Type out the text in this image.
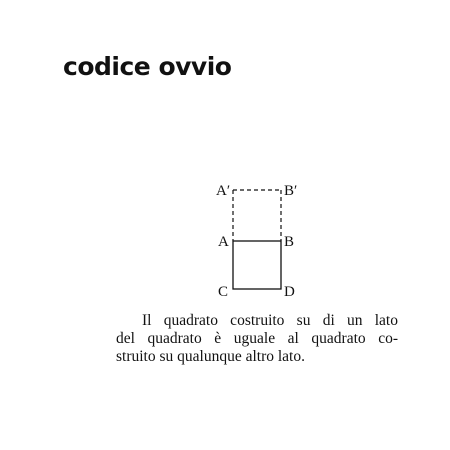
codice ovvio
A′	B′
A	B
C	D

Il quadrato costruito su di un lato
del quadrato è uguale al quadrato co-
struito su qualunque altro lato.
